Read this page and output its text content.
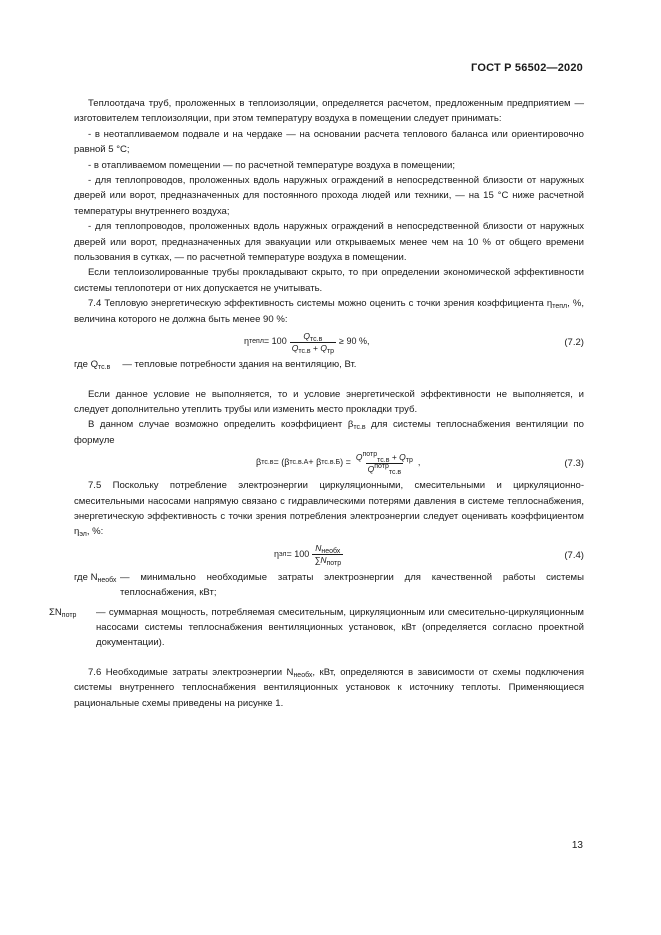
ГОСТ Р 56502—2020

Теплоотдача труб, проложенных в теплоизоляции, определяется расчетом, предложенным предприятием — изготовителем теплоизоляции, при этом температуру воздуха в помещении следует принимать:

- в неотапливаемом подвале и на чердаке — на основании расчета теплового баланса или ориентировочно равной 5 °C;

- в отапливаемом помещении — по расчетной температуре воздуха в помещении;

- для теплопроводов, проложенных вдоль наружных ограждений в непосредственной близости от наружных дверей или ворот, предназначенных для постоянного прохода людей или техники, — на 15 °C ниже расчетной температуры внутреннего воздуха;

- для теплопроводов, проложенных вдоль наружных ограждений в непосредственной близости от наружных дверей или ворот, предназначенных для эвакуации или открываемых менее чем на 10 % от общего времени пользования в сутках, — по расчетной температуре воздуха в помещении.

Если теплоизолированные трубы прокладывают скрыто, то при определении экономической эффективности системы теплопотери от них допускается не учитывать.

7.4 Тепловую энергетическую эффективность системы можно оценить с точки зрения коэффициента $\eta_{тепл}$, %, величина которого не должна быть менее 90 %:

η тепл = $100 \frac{Q_{тс.в}}{Q_{тс.в} + Q_{тр}} \ge 90$ %,	(7.2)

где $Q_{тс.в}$ — тепловые потребности здания на вентиляцию, Вт.

Если данное условие не выполняется, то и условие энергетической эффективности не выполняется, и следует дополнительно утеплить трубы или изменить место прокладки труб.

В данном случае возможно определить коэффициент $\beta_{тс.в}$ для системы теплоснабжения вентиляции по формуле

β тс.в = (β тс.в.А + β тс.в.Б ) = $\frac{Q^{потр}_{тс.в} + Q_{тр}}{Q^{потр}_{тс.в}}$ ,	(7.3)

7.5 Поскольку потребление электроэнергии циркуляционными, смесительными и циркуляционно-смесительными насосами напрямую связано с гидравлическими потерями давления в системе теплоснабжения, энергетическую эффективность с точки зрения потребления электроэнергии следует оценивать коэффициентом $\eta_{эл}$, %:

η эл = $100 \frac{N_{необх}}{\sum N_{потр}}$	(7.4)
где $N_{необх}$ — минимально необходимые затраты электроэнергии для качественной работы системы теплоснабжения, кВт;
$\Sigma N_{потр}$	— суммарная мощность, потребляемая смесительным, циркуляционным или смесительно-циркуляционным насосами системы теплоснабжения вентиляционных установок, кВт (определяется согласно проектной документации).

7.6 Необходимые затраты электроэнергии $N_{необх}$, кВт, определяются в зависимости от схемы подключения системы внутреннего теплоснабжения вентиляционных установок к источнику теплоты. Применяющиеся рациональные схемы приведены на рисунке 1.

13
